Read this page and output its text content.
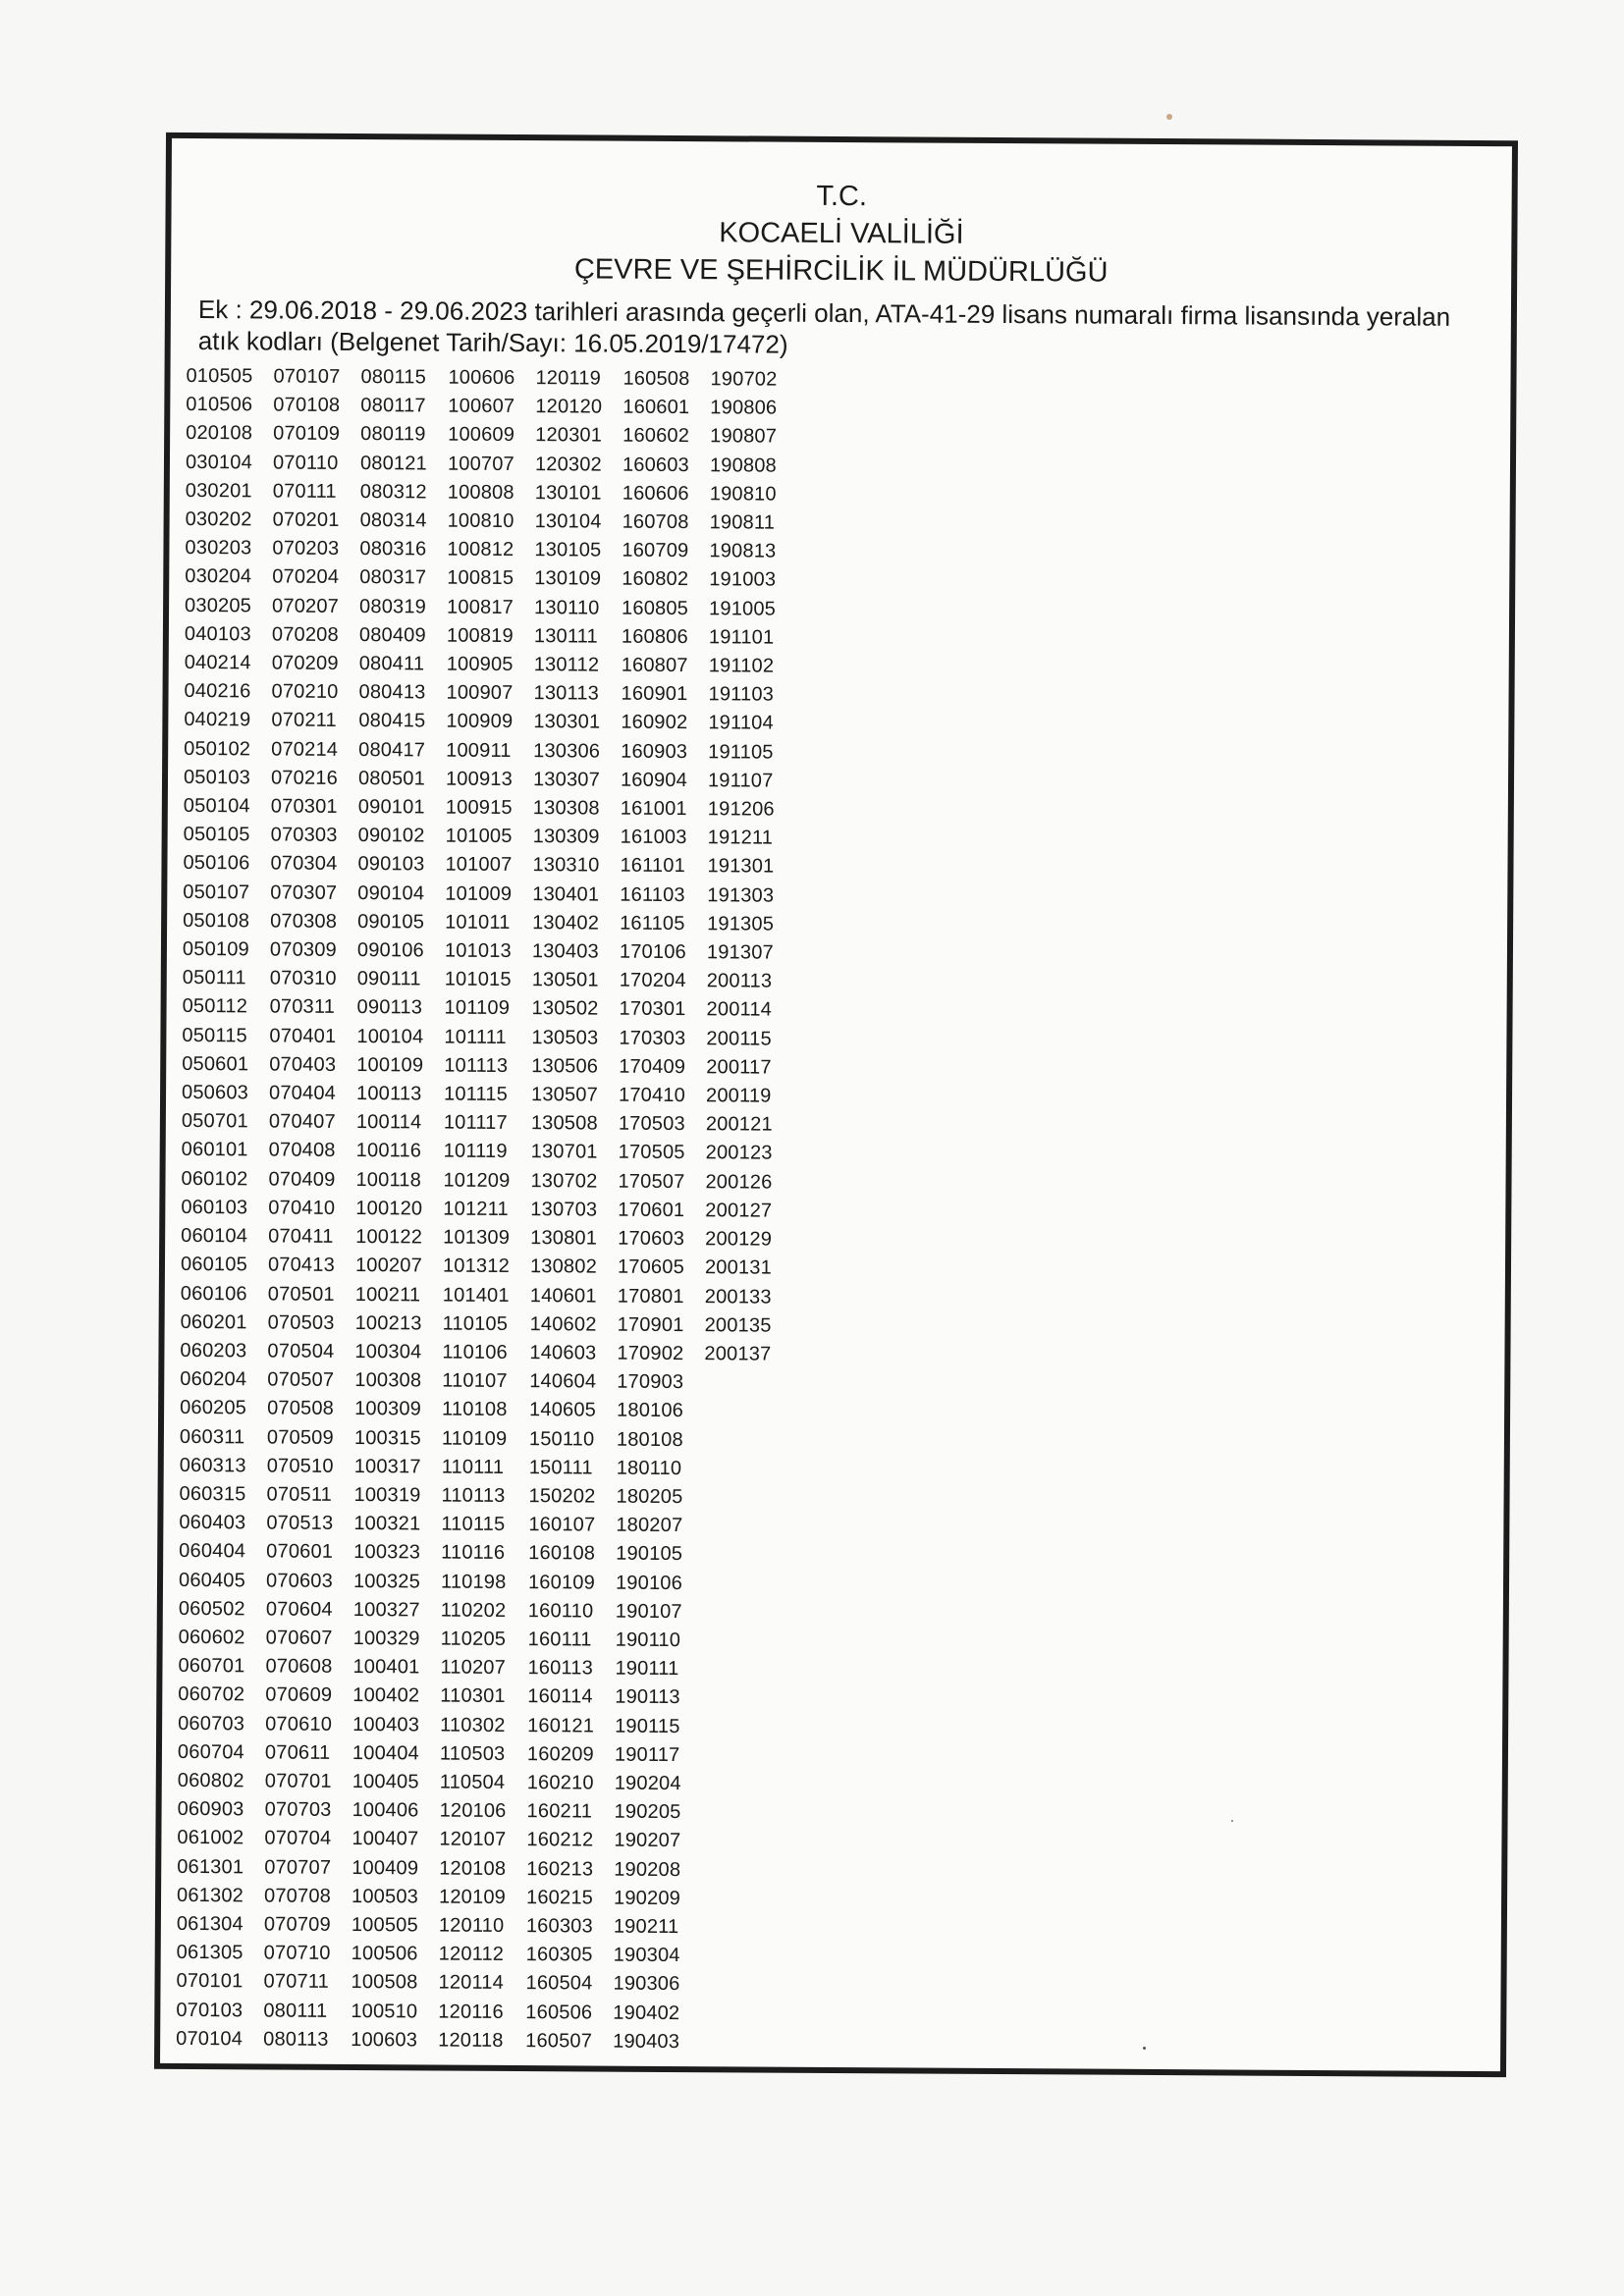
T.C.
KOCAELİ VALİLİĞİ
ÇEVRE VE ŞEHİRCİLİK İL MÜDÜRLÜĞÜ
Ek : 29.06.2018 - 29.06.2023 tarihleri arasında geçerli olan, ATA-41-29 lisans numaralı firma lisansında yeralan
atık kodları (Belgenet Tarih/Sayı: 16.05.2019/17472)
010505
010506
020108
030104
030201
030202
030203
030204
030205
040103
040214
040216
040219
050102
050103
050104
050105
050106
050107
050108
050109
050111
050112
050115
050601
050603
050701
060101
060102
060103
060104
060105
060106
060201
060203
060204
060205
060311
060313
060315
060403
060404
060405
060502
060602
060701
060702
060703
060704
060802
060903
061002
061301
061302
061304
061305
070101
070103
070104
070107
070108
070109
070110
070111
070201
070203
070204
070207
070208
070209
070210
070211
070214
070216
070301
070303
070304
070307
070308
070309
070310
070311
070401
070403
070404
070407
070408
070409
070410
070411
070413
070501
070503
070504
070507
070508
070509
070510
070511
070513
070601
070603
070604
070607
070608
070609
070610
070611
070701
070703
070704
070707
070708
070709
070710
070711
080111
080113
080115
080117
080119
080121
080312
080314
080316
080317
080319
080409
080411
080413
080415
080417
080501
090101
090102
090103
090104
090105
090106
090111
090113
100104
100109
100113
100114
100116
100118
100120
100122
100207
100211
100213
100304
100308
100309
100315
100317
100319
100321
100323
100325
100327
100329
100401
100402
100403
100404
100405
100406
100407
100409
100503
100505
100506
100508
100510
100603
100606
100607
100609
100707
100808
100810
100812
100815
100817
100819
100905
100907
100909
100911
100913
100915
101005
101007
101009
101011
101013
101015
101109
101111
101113
101115
101117
101119
101209
101211
101309
101312
101401
110105
110106
110107
110108
110109
110111
110113
110115
110116
110198
110202
110205
110207
110301
110302
110503
110504
120106
120107
120108
120109
120110
120112
120114
120116
120118
120119
120120
120301
120302
130101
130104
130105
130109
130110
130111
130112
130113
130301
130306
130307
130308
130309
130310
130401
130402
130403
130501
130502
130503
130506
130507
130508
130701
130702
130703
130801
130802
140601
140602
140603
140604
140605
150110
150111
150202
160107
160108
160109
160110
160111
160113
160114
160121
160209
160210
160211
160212
160213
160215
160303
160305
160504
160506
160507
160508
160601
160602
160603
160606
160708
160709
160802
160805
160806
160807
160901
160902
160903
160904
161001
161003
161101
161103
161105
170106
170204
170301
170303
170409
170410
170503
170505
170507
170601
170603
170605
170801
170901
170902
170903
180106
180108
180110
180205
180207
190105
190106
190107
190110
190111
190113
190115
190117
190204
190205
190207
190208
190209
190211
190304
190306
190402
190403
190702
190806
190807
190808
190810
190811
190813
191003
191005
191101
191102
191103
191104
191105
191107
191206
191211
191301
191303
191305
191307
200113
200114
200115
200117
200119
200121
200123
200126
200127
200129
200131
200133
200135
200137
